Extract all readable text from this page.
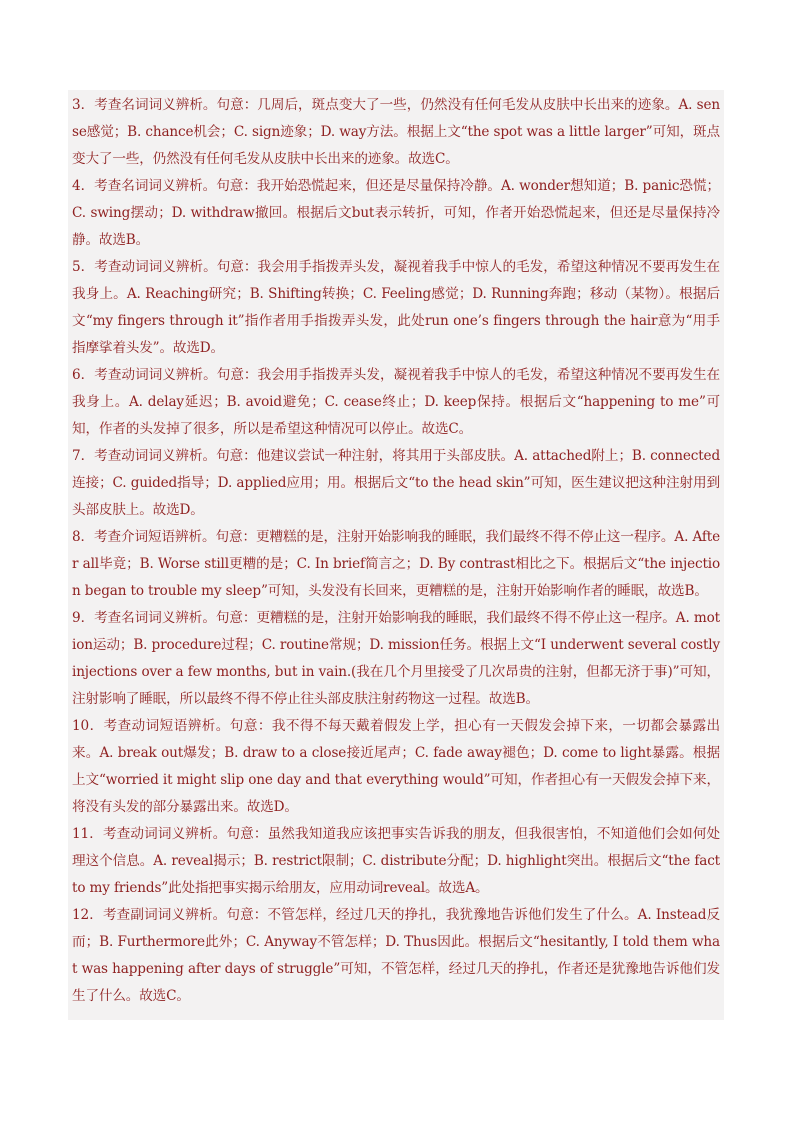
3．考查名词词义辨析。句意：几周后，斑点变大了一些，仍然没有任何毛发从皮肤中长出来的迹象。A. sense感觉；B. chance机会；C. sign迹象；D. way方法。根据上文“the spot was a little larger”可知，斑点变大了一些，仍然没有任何毛发从皮肤中长出来的迹象。故选C。

4．考查名词词义辨析。句意：我开始恐慌起来，但还是尽量保持冷静。A. wonder想知道；B. panic恐慌；C. swing摆动；D. withdraw撤回。根据后文but表示转折，可知，作者开始恐慌起来，但还是尽量保持冷静。故选B。

5．考查动词词义辨析。句意：我会用手指拨弄头发，凝视着我手中惊人的毛发，希望这种情况不要再发生在我身上。A. Reaching研究；B. Shifting转换；C. Feeling感觉；D. Running奔跑；移动（某物）。根据后文“my fingers through it”指作者用手指拨弄头发，此处run one’s fingers through the hair意为“用手指摩挲着头发”。故选D。

6．考查动词词义辨析。句意：我会用手指拨弄头发，凝视着我手中惊人的毛发，希望这种情况不要再发生在我身上。A. delay延迟；B. avoid避免；C. cease终止；D. keep保持。根据后文“happening to me”可知，作者的头发掉了很多，所以是希望这种情况可以停止。故选C。

7．考查动词词义辨析。句意：他建议尝试一种注射，将其用于头部皮肤。A. attached附上；B. connected连接；C. guided指导；D. applied应用；用。根据后文“to the head skin”可知，医生建议把这种注射用到头部皮肤上。故选D。

8．考查介词短语辨析。句意：更糟糕的是，注射开始影响我的睡眠，我们最终不得不停止这一程序。A. After all毕竟；B. Worse still更糟的是；C. In brief简言之；D. By contrast相比之下。根据后文“the injection began to trouble my sleep”可知，头发没有长回来，更糟糕的是，注射开始影响作者的睡眠，故选B。

9．考查名词词义辨析。句意：更糟糕的是，注射开始影响我的睡眠，我们最终不得不停止这一程序。A. motion运动；B. procedure过程；C. routine常规；D. mission任务。根据上文“I underwent several costly injections over a few months, but in vain.(我在几个月里接受了几次昂贵的注射，但都无济于事)”可知，注射影响了睡眠，所以最终不得不停止往头部皮肤注射药物这一过程。故选B。

10．考查动词短语辨析。句意：我不得不每天戴着假发上学，担心有一天假发会掉下来，一切都会暴露出来。A. break out爆发；B. draw to a close接近尾声；C. fade away褪色；D. come to light暴露。根据上文“worried it might slip one day and that everything would”可知，作者担心有一天假发会掉下来，将没有头发的部分暴露出来。故选D。

11．考查动词词义辨析。句意：虽然我知道我应该把事实告诉我的朋友，但我很害怕，不知道他们会如何处理这个信息。A. reveal揭示；B. restrict限制；C. distribute分配；D. highlight突出。根据后文“the fact to my friends”此处指把事实揭示给朋友，应用动词reveal。故选A。

12．考查副词词义辨析。句意：不管怎样，经过几天的挣扎，我犹豫地告诉他们发生了什么。A. Instead反而；B. Furthermore此外；C. Anyway不管怎样；D. Thus因此。根据后文“hesitantly, I told them what was happening after days of struggle”可知，不管怎样，经过几天的挣扎，作者还是犹豫地告诉他们发生了什么。故选C。
